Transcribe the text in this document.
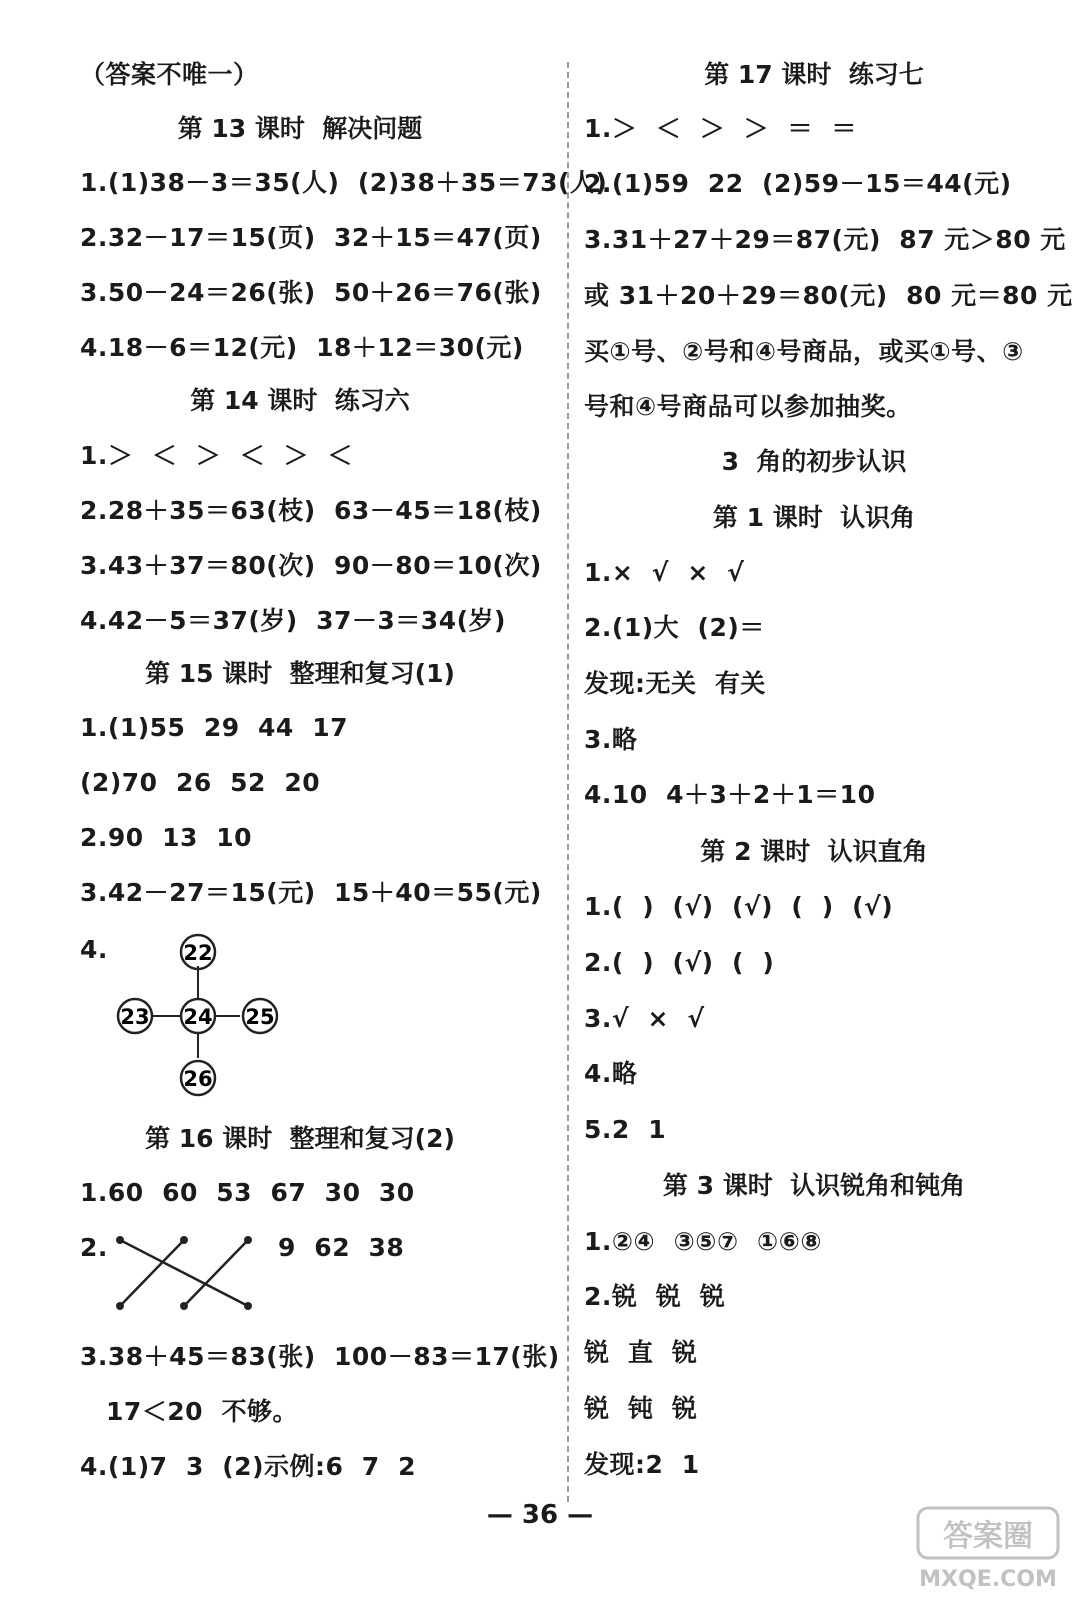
（答案不唯一）
第 13 课时  解决问题
1.(1)38－3＝35(人)  (2)38＋35＝73(人)
2.32－17＝15(页)  32＋15＝47(页)
3.50－24＝26(张)  50＋26＝76(张)
4.18－6＝12(元)  18＋12＝30(元)
第 14 课时  练习六
1.＞  ＜  ＞  ＜  ＞  ＜
2.28＋35＝63(枝)  63－45＝18(枝)
3.43＋37＝80(次)  90－80＝10(次)
4.42－5＝37(岁)  37－3＝34(岁)
第 15 课时  整理和复习(1)
1.(1)55  29  44  17
(2)70  26  52  20
2.90  13  10
3.42－27＝15(元)  15＋40＝55(元)
4.	22
23 24 25
26
第 16 课时  整理和复习(2)
1.60  60  53  67  30  30
2.	9  62  38
3.38＋45＝83(张)  100－83＝17(张)
17＜20  不够。
4.(1)7  3  (2)示例:6  7  2
第 17 课时  练习七
1.＞  ＜  ＞  ＞  ＝  ＝
2.(1)59  22  (2)59－15＝44(元)
3.31＋27＋29＝87(元)  87 元＞80 元
或 31＋20＋29＝80(元)  80 元＝80 元
买①号、②号和④号商品，或买①号、③
号和④号商品可以参加抽奖。
3  角的初步认识
第 1 课时  认识角
1.×  √  ×  √
2.(1)大  (2)＝
发现:无关  有关
3.略
4.10  4＋3＋2＋1＝10
第 2 课时  认识直角
1.(  )  (√)  (√)  (  )  (√)
2.(  )  (√)  (  )
3.√  ×  √
4.略
5.2  1
第 3 课时  认识锐角和钝角
1.②④  ③⑤⑦  ①⑥⑧
2.锐  锐  锐
锐  直  锐
锐  钝  锐
发现:2  1
— 36 —
答案圈
MXQE.COM
